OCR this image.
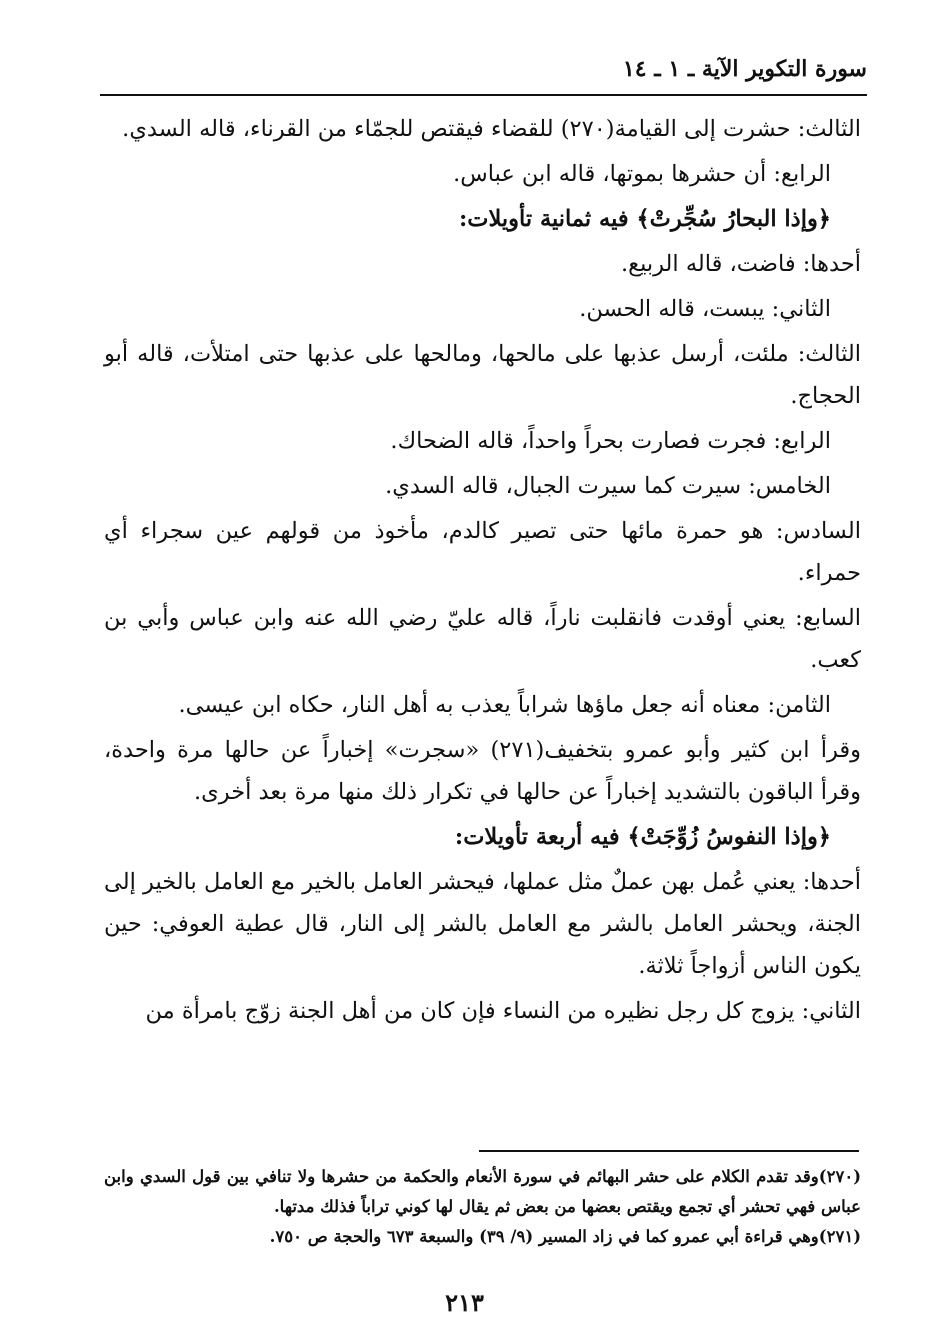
سورة التكوير الآية ـ ١ ـ ١٤

الثالث: حشرت إلى القيامة(٢٧٠) للقضاء فيقتص للجمّاء من القرناء، قاله السدي.

الرابع: أن حشرها بموتها، قاله ابن عباس.

﴿وإذا البحارُ سُجِّرتْ﴾ فيه ثمانية تأويلات:

أحدها: فاضت، قاله الربيع.

الثاني: يبست، قاله الحسن.

الثالث: ملئت، أرسل عذبها على مالحها، ومالحها على عذبها حتى امتلأت، قاله أبو الحجاج.

الرابع: فجرت فصارت بحراً واحداً، قاله الضحاك.

الخامس: سيرت كما سيرت الجبال، قاله السدي.

السادس: هو حمرة مائها حتى تصير كالدم، مأخوذ من قولهم عين سجراء أي حمراء.

السابع: يعني أوقدت فانقلبت ناراً، قاله عليّ رضي الله عنه وابن عباس وأبي بن كعب.

الثامن: معناه أنه جعل ماؤها شراباً يعذب به أهل النار، حكاه ابن عيسى.

وقرأ ابن كثير وأبو عمرو بتخفيف(٢٧١) «سجرت» إخباراً عن حالها مرة واحدة، وقرأ الباقون بالتشديد إخباراً عن حالها في تكرار ذلك منها مرة بعد أخرى.

﴿وإذا النفوسُ زُوِّجَتْ﴾ فيه أربعة تأويلات:

أحدها: يعني عُمل بهن عملٌ مثل عملها، فيحشر العامل بالخير مع العامل بالخير إلى الجنة، ويحشر العامل بالشر مع العامل بالشر إلى النار، قال عطية العوفي: حين يكون الناس أزواجاً ثلاثة.

الثاني: يزوج كل رجل نظيره من النساء فإن كان من أهل الجنة زوّج بامرأة من

(٢٧٠)وقد تقدم الكلام على حشر البهائم في سورة الأنعام والحكمة من حشرها ولا تنافي بين قول السدي وابن عباس فهي تحشر أي تجمع ويقتص بعضها من بعض ثم يقال لها كوني تراباً فذلك مدتها.

(٢٧١)وهي قراءة أبي عمرو كما في زاد المسير (٩/ ٣٩) والسبعة ٦٧٣ والحجة ص ٧٥٠.

٢١٣
